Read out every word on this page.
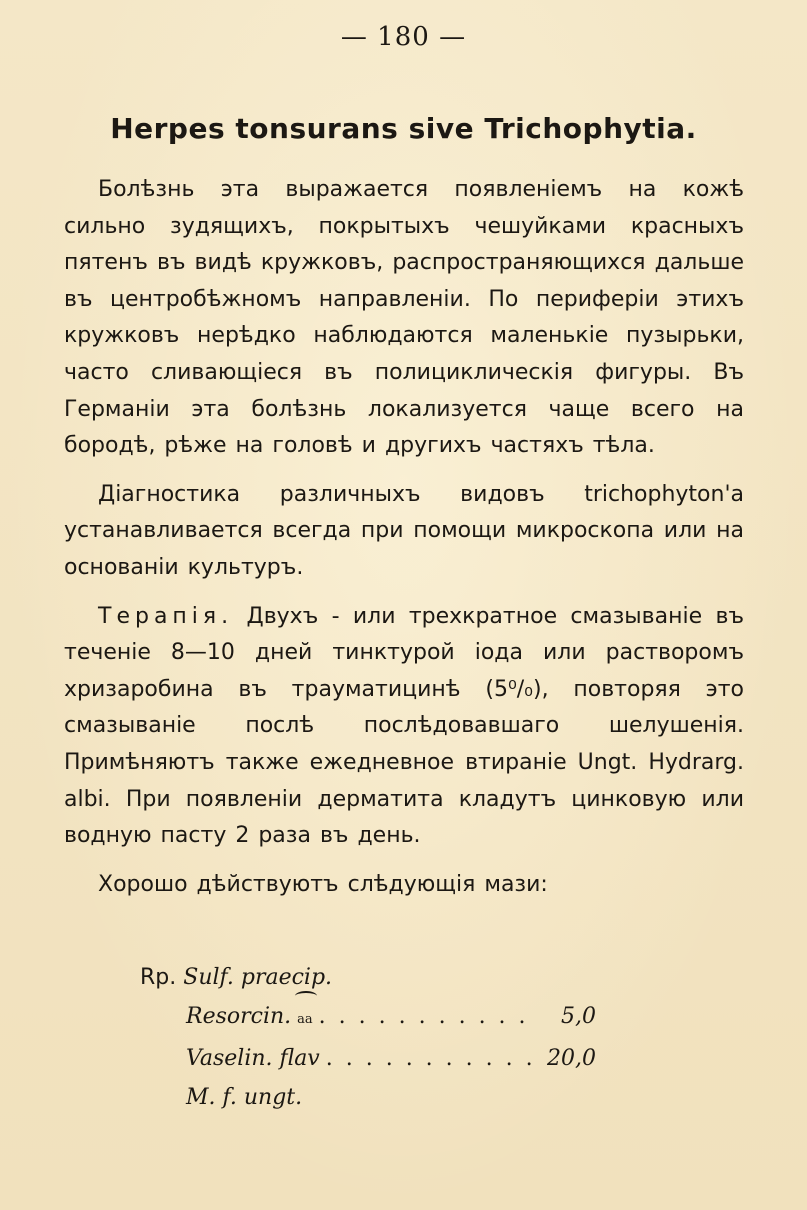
— 180 —
Herpes tonsurans sive Trichophytia.

Болѣзнь эта выражается появленіемъ на кожѣ сильно зудящихъ, покрытыхъ чешуйками красныхъ пятенъ въ видѣ кружковъ, распространяющихся дальше въ центробѣжномъ направленіи. По периферіи этихъ кружковъ нерѣдко наблюдаются маленькіе пузырьки, часто сливающіеся въ полициклическія фигуры. Въ Германіи эта болѣзнь локализуется чаще всего на бородѣ, рѣже на головѣ и другихъ частяхъ тѣла.

Діагностика различныхъ видовъ trichophyton'a устанавливается всегда при помощи микроскопа или на основаніи культуръ.

Терапія. Двухъ - или трехкратное смазываніе въ теченіе 8—10 дней тинктурой іода или растворомъ хризаробина въ траумaтицинѣ (5⁰/₀), повторяя это смазываніе послѣ послѣдовавшаго шелушенія. Примѣняютъ также ежедневное втираніе Ungt. Hydrarg. albi. При появленіи дерматита кладутъ цинковую или водную пасту 2 раза въ день.

Хорошо дѣйствуютъ слѣдующія мази:

Rp. Sulf. praecip.
Resorcin. aa . . .	5,0
Vaselin. flav . . .	20,0
M. f. ungt.
